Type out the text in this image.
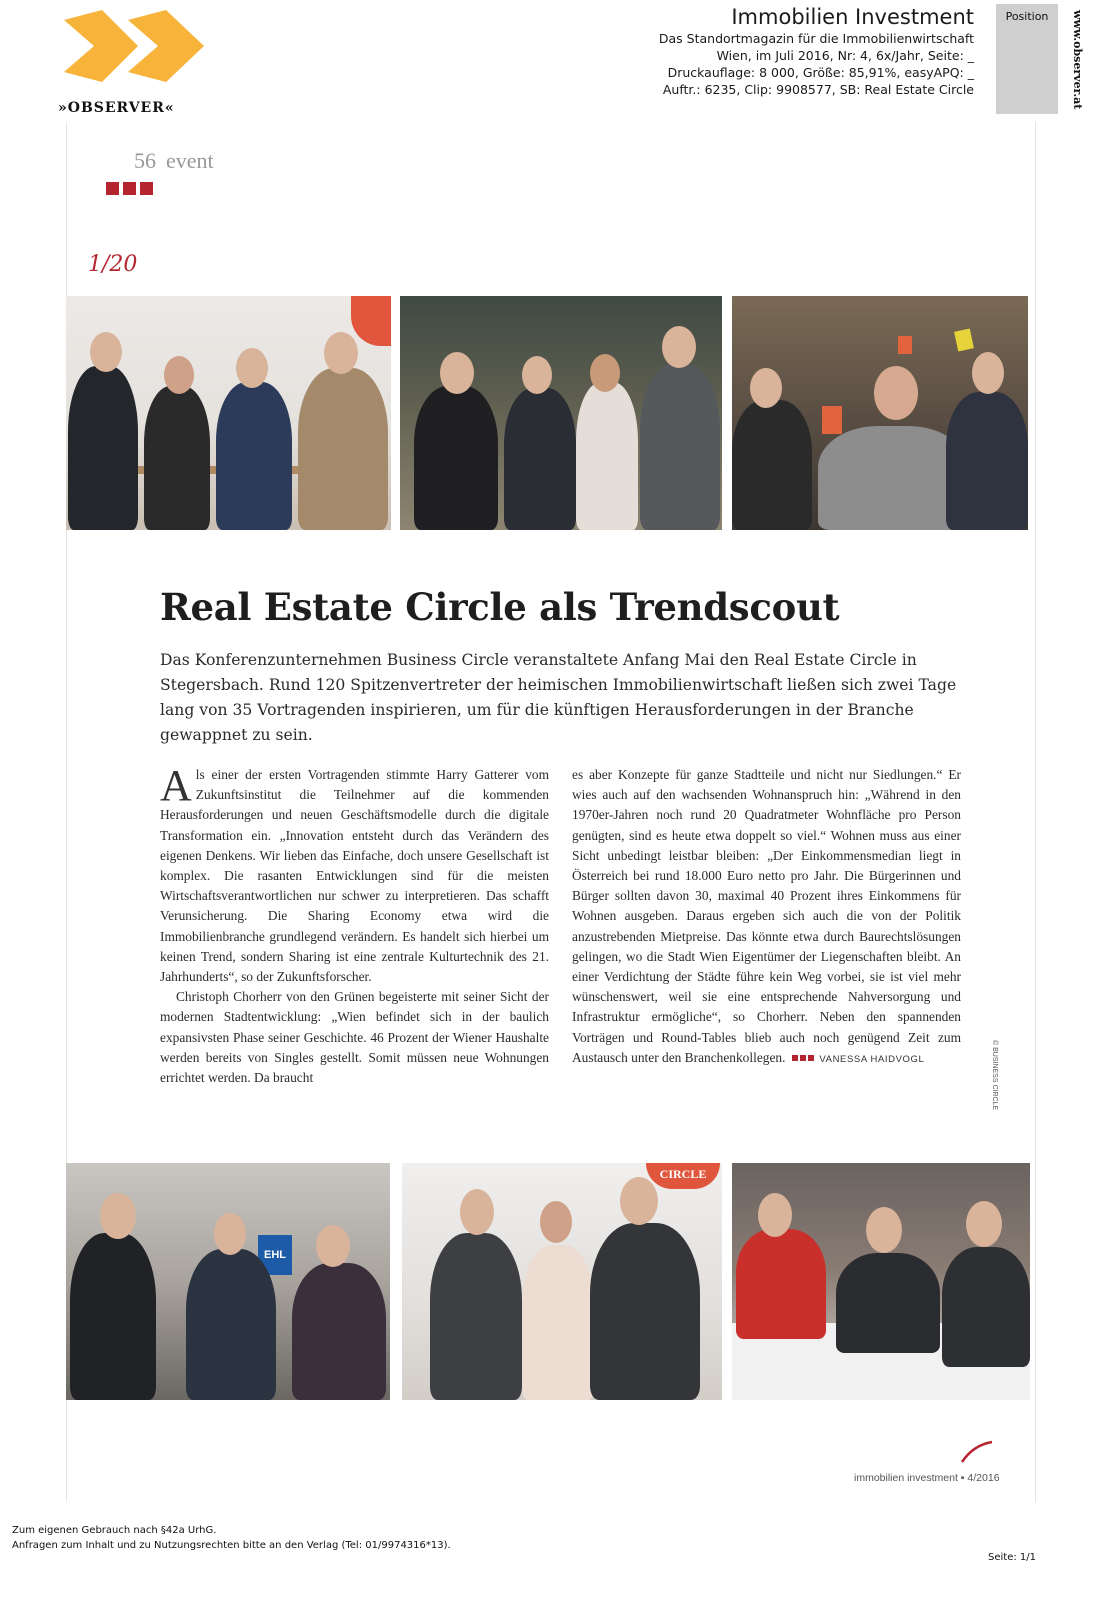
»OBSERVER«
Immobilien Investment
Das Standortmagazin für die Immobilienwirtschaft
Wien, im Juli 2016, Nr: 4, 6x/Jahr, Seite: _
Druckauflage: 8 000, Größe: 85,91%, easyAPQ: _
Auftr.: 6235, Clip: 9908577, SB: Real Estate Circle
Position	www.observer.at
56 event
1/20
Real Estate Circle als Trendscout
Das Konferenzunternehmen Business Circle veranstaltete Anfang Mai den Real Estate Circle in Stegersbach. Rund 120 Spitzenvertreter der heimischen Immobilienwirtschaft ließen sich zwei Tage lang von 35 Vortragenden inspirieren, um für die künftigen Herausforderungen in der Branche gewappnet zu sein.

Als einer der ersten Vortragenden stimmte Harry Gatterer vom Zukunftsinstitut die Teilnehmer auf die kommenden Herausforderungen und neuen Geschäftsmodelle durch die digitale Transformation ein. „Innovation entsteht durch das Verändern des eigenen Denkens. Wir lieben das Einfache, doch unsere Gesellschaft ist komplex. Die rasanten Entwicklungen sind für die meisten Wirtschaftsverantwortlichen nur schwer zu interpretieren. Das schafft Verunsicherung. Die Sharing Economy etwa wird die Immobilienbranche grundlegend verändern. Es handelt sich hierbei um keinen Trend, sondern Sharing ist eine zentrale Kulturtechnik des 21. Jahrhunderts“, so der Zukunftsforscher.

Christoph Chorherr von den Grünen begeisterte mit seiner Sicht der modernen Stadtentwicklung: „Wien befindet sich in der baulich expansivsten Phase seiner Geschichte. 46 Prozent der Wiener Haushalte werden bereits von Singles gestellt. Somit müssen neue Wohnungen errichtet werden. Da braucht

es aber Konzepte für ganze Stadtteile und nicht nur Siedlungen.“ Er wies auch auf den wachsenden Wohnanspruch hin: „Während in den 1970er-Jahren noch rund 20 Quadratmeter Wohnfläche pro Person genügten, sind es heute etwa doppelt so viel.“ Wohnen muss aus einer Sicht unbedingt leistbar bleiben: „Der Einkommensmedian liegt in Österreich bei rund 18.000 Euro netto pro Jahr. Die Bürgerinnen und Bürger sollten davon 30, maximal 40 Prozent ihres Einkommens für Wohnen ausgeben. Daraus ergeben sich auch die von der Politik anzustrebenden Mietpreise. Das könnte etwa durch Baurechtslösungen gelingen, wo die Stadt Wien Eigentümer der Liegenschaften bleibt. An einer Verdichtung der Städte führe kein Weg vorbei, sie ist viel mehr wünschenswert, weil sie eine entsprechende Nahversorgung und Infrastruktur ermögliche“, so Chorherr. Neben den spannenden Vorträgen und Round-Tables blieb auch noch genügend Zeit zum Austausch unter den Branchenkollegen.	VANESSA HAIDVOGL	© BUSINESS CIRCLE
EHL
CIRCLE
immobilien investment ▪ 4/2016
Zum eigenen Gebrauch nach §42a UrhG.
Anfragen zum Inhalt und zu Nutzungsrechten bitte an den Verlag (Tel: 01/9974316*13).
Seite: 1/1
